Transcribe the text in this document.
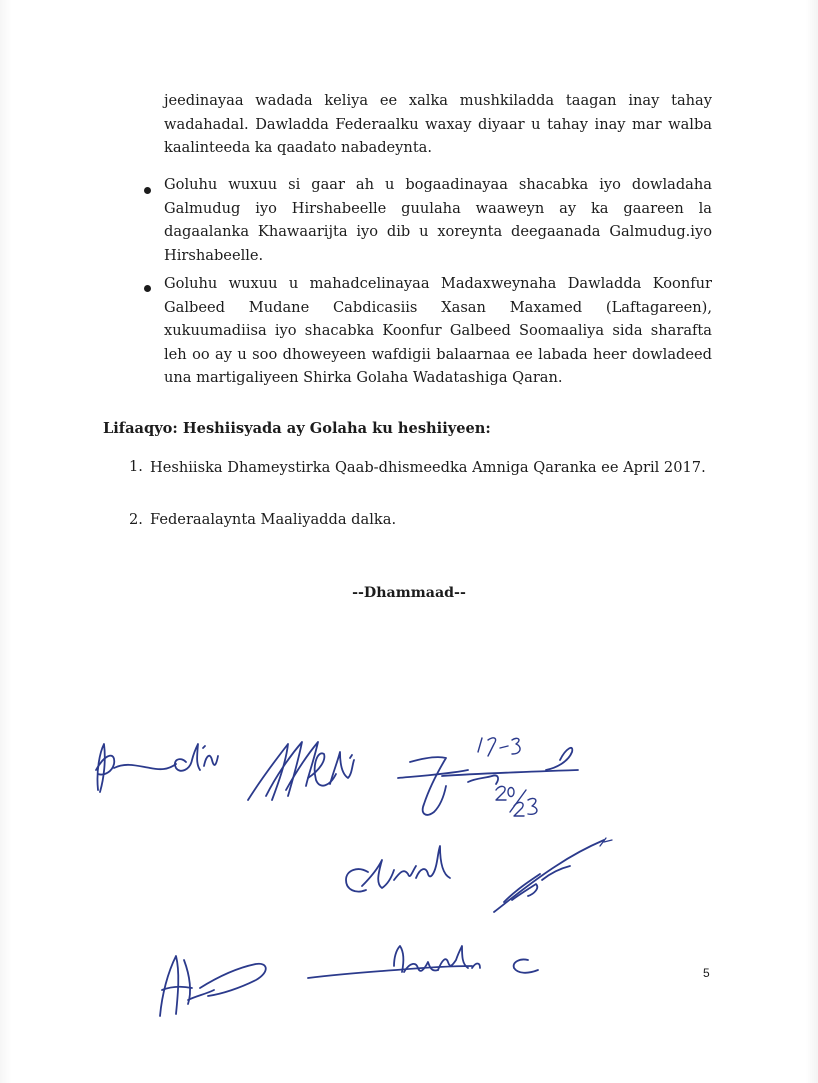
jeedinayaa wadada keliya ee xalka mushkiladda taagan inay tahay wadahadal. Dawladda Federaalku waxay diyaar u tahay inay mar walba kaalinteeda ka qaadato nabadeynta.
Goluhu wuxuu si gaar ah u bogaadinayaa shacabka iyo dowladaha Galmudug iyo Hirshabeelle guulaha waaweyn ay ka gaareen la dagaalanka Khawaarijta iyo dib u xoreynta deegaanada Galmudug.iyo Hirshabeelle.
Goluhu wuxuu u mahadcelinayaa Madaxweynaha Dawladda Koonfur Galbeed Mudane Cabdicasiis Xasan Maxamed (Laftagareen), xukuumadiisa iyo shacabka Koonfur Galbeed Soomaaliya sida sharafta leh oo ay u soo dhoweyeen wafdigii balaarnaa ee labada heer dowladeed una martigaliyeen Shirka Golaha Wadatashiga Qaran.
Lifaaqyo: Heshiisyada ay Golaha ku heshiiyeen:
1. Heshiiska Dhameystirka Qaab-dhismeedka Amniga Qaranka ee April 2017.
2. Federaalaynta Maaliyadda dalka.
--Dhammaad--
5
